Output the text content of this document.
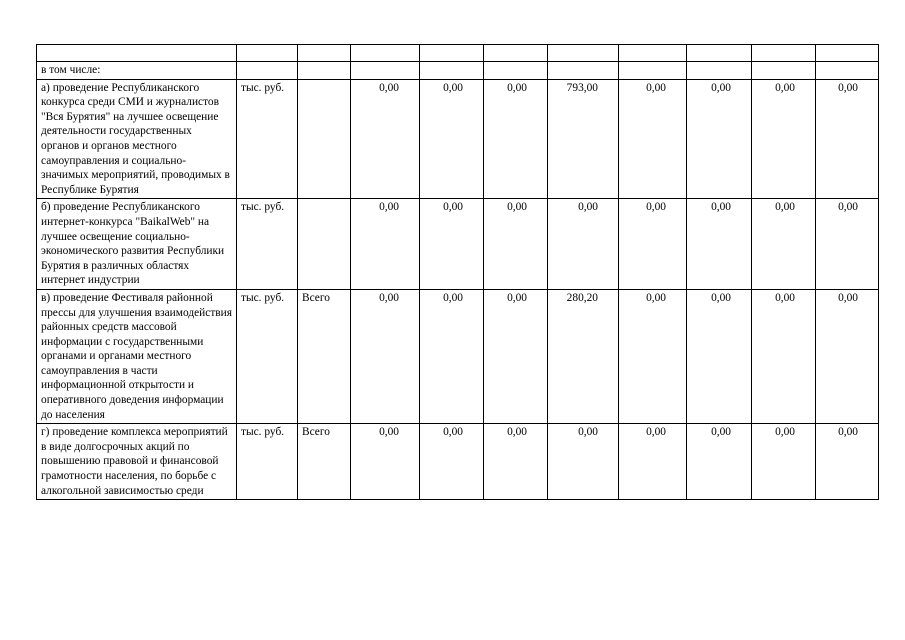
в том числе:										
а) проведение Республиканского конкурса среди СМИ и журналистов "Вся Бурятия" на лучшее освещение деятельности государственных органов и органов местного самоуправления и социально-значимых мероприятий, проводимых в Республике Бурятия	тыс. руб.		0,00	0,00	0,00	793,00	0,00	0,00	0,00	0,00
б) проведение Республиканского интернет-конкурса "BaikalWeb" на лучшее освещение социально-экономического развития Республики Бурятия в различных областях интернет индустрии	тыс. руб.		0,00	0,00	0,00	0,00	0,00	0,00	0,00	0,00
в) проведение Фестиваля районной прессы для улучшения взаимодействия районных средств массовой информации с государственными органами и органами местного самоуправления в части информационной открытости и оперативного доведения информации до населения	тыс. руб.	Всего	0,00	0,00	0,00	280,20	0,00	0,00	0,00	0,00
г) проведение комплекса мероприятий в виде долгосрочных акций по повышению правовой и финансовой грамотности населения, по борьбе с алкогольной зависимостью среди	тыс. руб.	Всего	0,00	0,00	0,00	0,00	0,00	0,00	0,00	0,00
